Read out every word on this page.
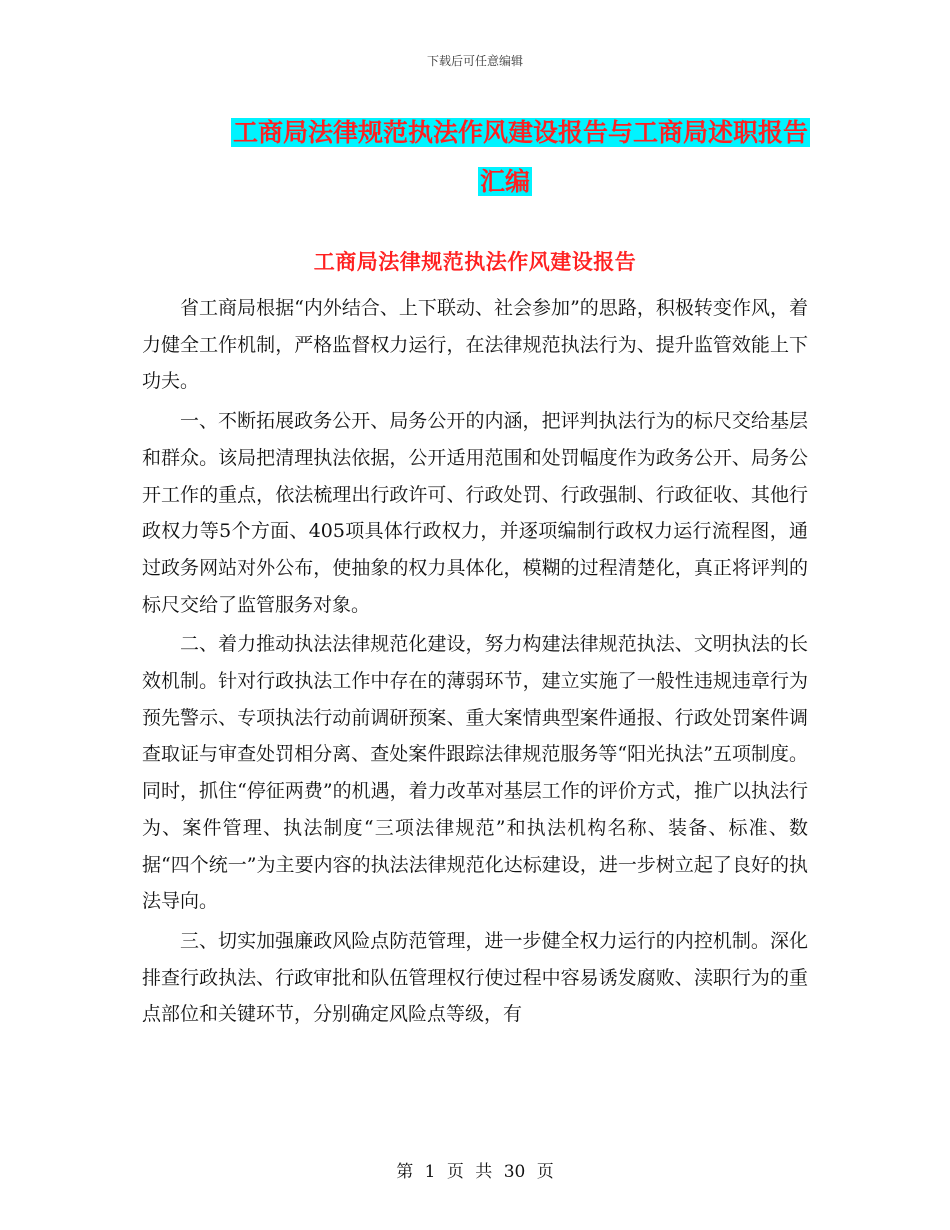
下载后可任意编辑
工商局法律规范执法作风建设报告与工商局述职报告
汇编
工商局法律规范执法作风建设报告

省工商局根据“内外结合、上下联动、社会参加”的思路，积极转变作风，着力健全工作机制，严格监督权力运行，在法律规范执法行为、提升监管效能上下功夫。

一、不断拓展政务公开、局务公开的内涵，把评判执法行为的标尺交给基层和群众。该局把清理执法依据，公开适用范围和处罚幅度作为政务公开、局务公开工作的重点，依法梳理出行政许可、行政处罚、行政强制、行政征收、其他行政权力等5个方面、405项具体行政权力，并逐项编制行政权力运行流程图，通过政务网站对外公布，使抽象的权力具体化，模糊的过程清楚化，真正将评判的标尺交给了监管服务对象。

二、着力推动执法法律规范化建设，努力构建法律规范执法、文明执法的长效机制。针对行政执法工作中存在的薄弱环节，建立实施了一般性违规违章行为预先警示、专项执法行动前调研预案、重大案情典型案件通报、行政处罚案件调查取证与审查处罚相分离、查处案件跟踪法律规范服务等“阳光执法”五项制度。同时，抓住“停征两费”的机遇，着力改革对基层工作的评价方式，推广以执法行为、案件管理、执法制度“三项法律规范”和执法机构名称、装备、标准、数据“四个统一”为主要内容的执法法律规范化达标建设，进一步树立起了良好的执法导向。

三、切实加强廉政风险点防范管理，进一步健全权力运行的内控机制。深化排查行政执法、行政审批和队伍管理权行使过程中容易诱发腐败、渎职行为的重点部位和关键环节，分别确定风险点等级，有

第 1 页 共 30 页
